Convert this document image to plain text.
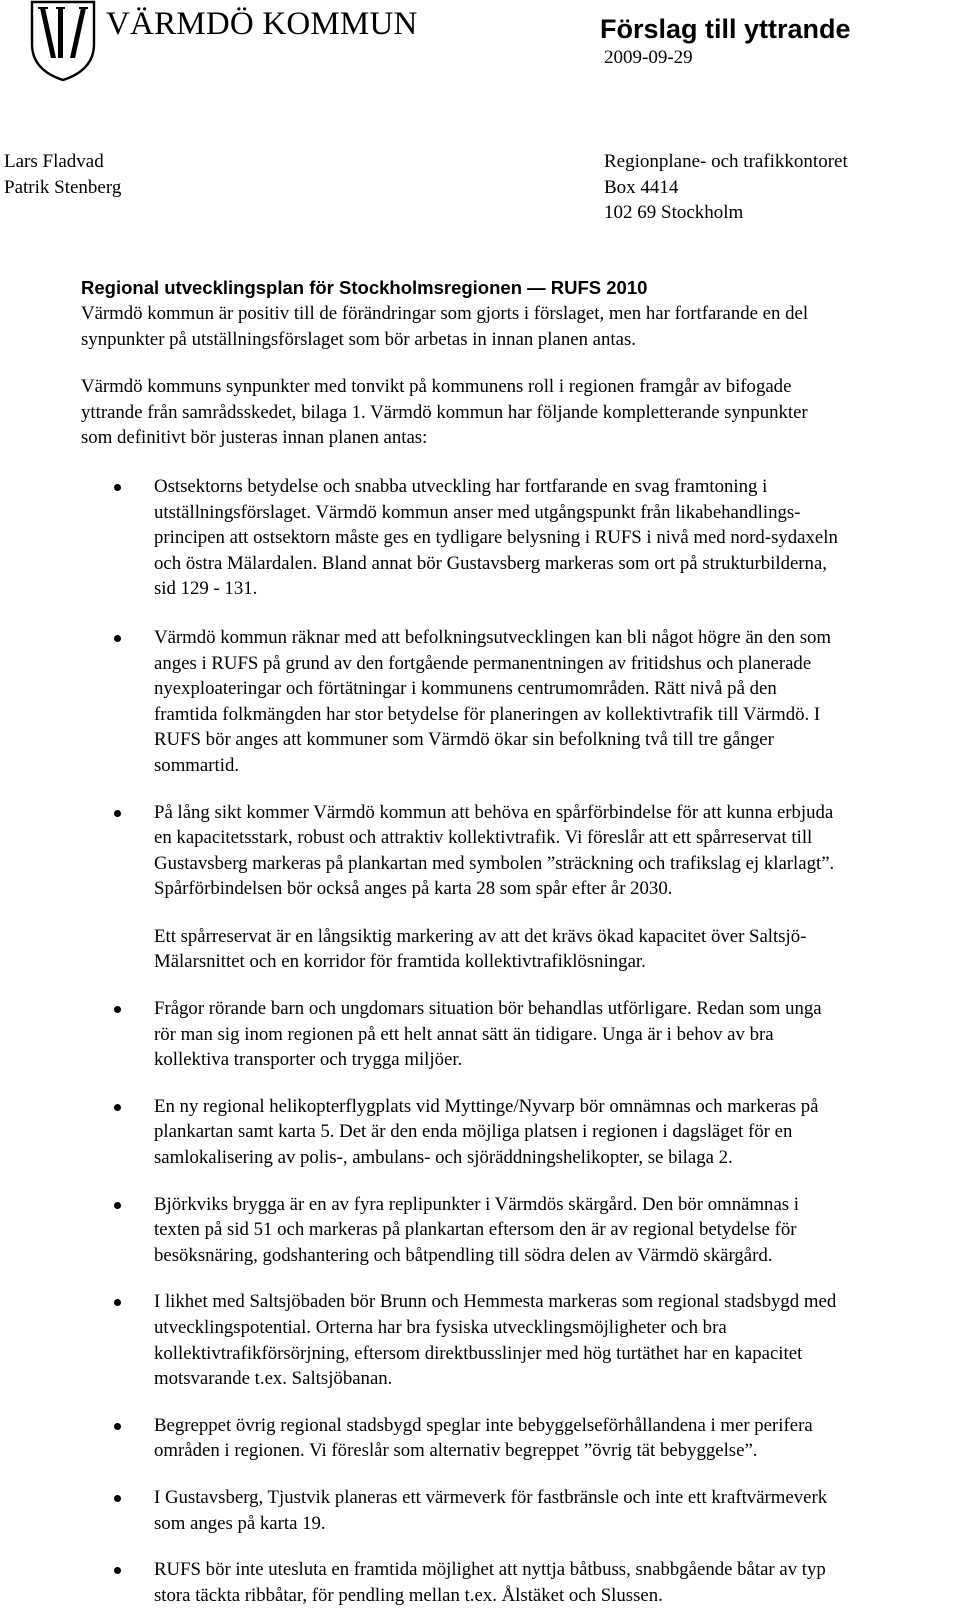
VÄRMDÖ KOMMUN	Förslag till yttrande
2009-09-29
Lars Fladvad
Patrik Stenberg
Regionplane- och trafikkontoret
Box 4414
102 69 Stockholm
Regional utvecklingsplan för Stockholmsregionen — RUFS 2010
Värmdö kommun är positiv till de förändringar som gjorts i förslaget, men har fortfarande en del
synpunkter på utställningsförslaget som bör arbetas in innan planen antas.
Värmdö kommuns synpunkter med tonvikt på kommunens roll i regionen framgår av bifogade
yttrande från samrådsskedet, bilaga 1. Värmdö kommun har följande kompletterande synpunkter
som definitivt bör justeras innan planen antas:
Ostsektorns betydelse och snabba utveckling har fortfarande en svag framtoning i
utställningsförslaget. Värmdö kommun anser med utgångspunkt från likabehandlings-
principen att ostsektorn måste ges en tydligare belysning i RUFS i nivå med nord-sydaxeln
och östra Mälardalen. Bland annat bör Gustavsberg markeras som ort på strukturbilderna,
sid 129 - 131.
Värmdö kommun räknar med att befolkningsutvecklingen kan bli något högre än den som
anges i RUFS på grund av den fortgående permanentningen av fritidshus och planerade
nyexploateringar och förtätningar i kommunens centrumområden. Rätt nivå på den
framtida folkmängden har stor betydelse för planeringen av kollektivtrafik till Värmdö. I
RUFS bör anges att kommuner som Värmdö ökar sin befolkning två till tre gånger
sommartid.
På lång sikt kommer Värmdö kommun att behöva en spårförbindelse för att kunna erbjuda
en kapacitetsstark, robust och attraktiv kollektivtrafik. Vi föreslår att ett spårreservat till
Gustavsberg markeras på plankartan med symbolen ”sträckning och trafikslag ej klarlagt”.
Spårförbindelsen bör också anges på karta 28 som spår efter år 2030.
Ett spårreservat är en långsiktig markering av att det krävs ökad kapacitet över Saltsjö-
Mälarsnittet och en korridor för framtida kollektivtrafiklösningar.
Frågor rörande barn och ungdomars situation bör behandlas utförligare. Redan som unga
rör man sig inom regionen på ett helt annat sätt än tidigare. Unga är i behov av bra
kollektiva transporter och trygga miljöer.
En ny regional helikopterflygplats vid Myttinge/Nyvarp bör omnämnas och markeras på
plankartan samt karta 5. Det är den enda möjliga platsen i regionen i dagsläget för en
samlokalisering av polis-, ambulans- och sjöräddningshelikopter, se bilaga 2.
Björkviks brygga är en av fyra replipunkter i Värmdös skärgård. Den bör omnämnas i
texten på sid 51 och markeras på plankartan eftersom den är av regional betydelse för
besöksnäring, godshantering och båtpendling till södra delen av Värmdö skärgård.
I likhet med Saltsjöbaden bör Brunn och Hemmesta markeras som regional stadsbygd med
utvecklingspotential. Orterna har bra fysiska utvecklingsmöjligheter och bra
kollektivtrafikförsörjning, eftersom direktbusslinjer med hög turtäthet har en kapacitet
motsvarande t.ex. Saltsjöbanan.
Begreppet övrig regional stadsbygd speglar inte bebyggelseförhållandena i mer perifera
områden i regionen. Vi föreslår som alternativ begreppet ”övrig tät bebyggelse”.
I Gustavsberg, Tjustvik planeras ett värmeverk för fastbränsle och inte ett kraftvärmeverk
som anges på karta 19.
RUFS bör inte utesluta en framtida möjlighet att nyttja båtbuss, snabbgående båtar av typ
stora täckta ribbåtar, för pendling mellan t.ex. Ålstäket och Slussen.
